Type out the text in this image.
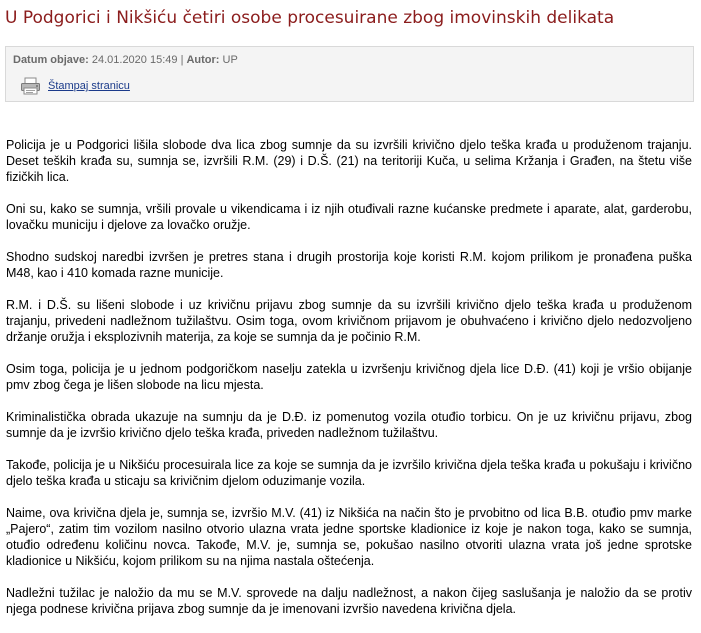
U Podgorici i Nikšiću četiri osobe procesuirane zbog imovinskih delikata
Datum objave: 24.01.2020 15:49 | Autor: UP
Štampaj stranicu

Policija je u Podgorici lišila slobode dva lica zbog sumnje da su izvršili krivično djelo teška krađa u produženom trajanju. Deset teških krađa su, sumnja se, izvršili R.M. (29) i D.Š. (21) na teritoriji Kuča, u selima Kržanja i Građen, na štetu više fizičkih lica.

Oni su, kako se sumnja, vršili provale u vikendicama i iz njih otuđivali razne kućanske predmete i aparate, alat, garderobu, lovačku municiju i djelove za lovačko oružje.

Shodno sudskoj naredbi izvršen je pretres stana i drugih prostorija koje koristi R.M. kojom prilikom je pronađena puška M48, kao i 410 komada razne municije.

R.M. i D.Š. su lišeni slobode i uz krivičnu prijavu zbog sumnje da su izvršili krivično djelo teška krađa u produženom trajanju, privedeni nadležnom tužilaštvu. Osim toga, ovom krivičnom prijavom je obuhvaćeno i krivično djelo nedozvoljeno držanje oružja i eksplozivnih materija, za koje se sumnja da je počinio R.M.

Osim toga, policija je u jednom podgoričkom naselju zatekla u izvršenju krivičnog djela lice D.Đ. (41) koji je vršio obijanje pmv zbog čega je lišen slobode na licu mjesta.

Kriminalistička obrada ukazuje na sumnju da je D.Đ. iz pomenutog vozila otuđio torbicu. On je uz krivičnu prijavu, zbog sumnje da je izvršio krivično djelo teška krađa, priveden nadležnom tužilaštvu.

Takođe, policija je u Nikšiću procesuirala lice za koje se sumnja da je izvršilo krivična djela teška krađa u pokušaju i krivično djelo teška krađa u sticaju sa krivičnim djelom oduzimanje vozila.

Naime, ova krivična djela je, sumnja se, izvršio M.V. (41) iz Nikšića na način što je prvobitno od lica B.B. otuđio pmv marke „Pajero“, zatim tim vozilom nasilno otvorio ulazna vrata jedne sportske kladionice iz koje je nakon toga, kako se sumnja, otuđio određenu količinu novca. Takođe, M.V. je, sumnja se, pokušao nasilno otvoriti ulazna vrata još jedne sprotske kladionice u Nikšiću, kojom prilikom su na njima nastala oštećenja.

Nadležni tužilac je naložio da mu se M.V. sprovede na dalju nadležnost, a nakon čijeg saslušanja je naložio da se protiv njega podnese krivična prijava zbog sumnje da je imenovani izvršio navedena krivična djela.
